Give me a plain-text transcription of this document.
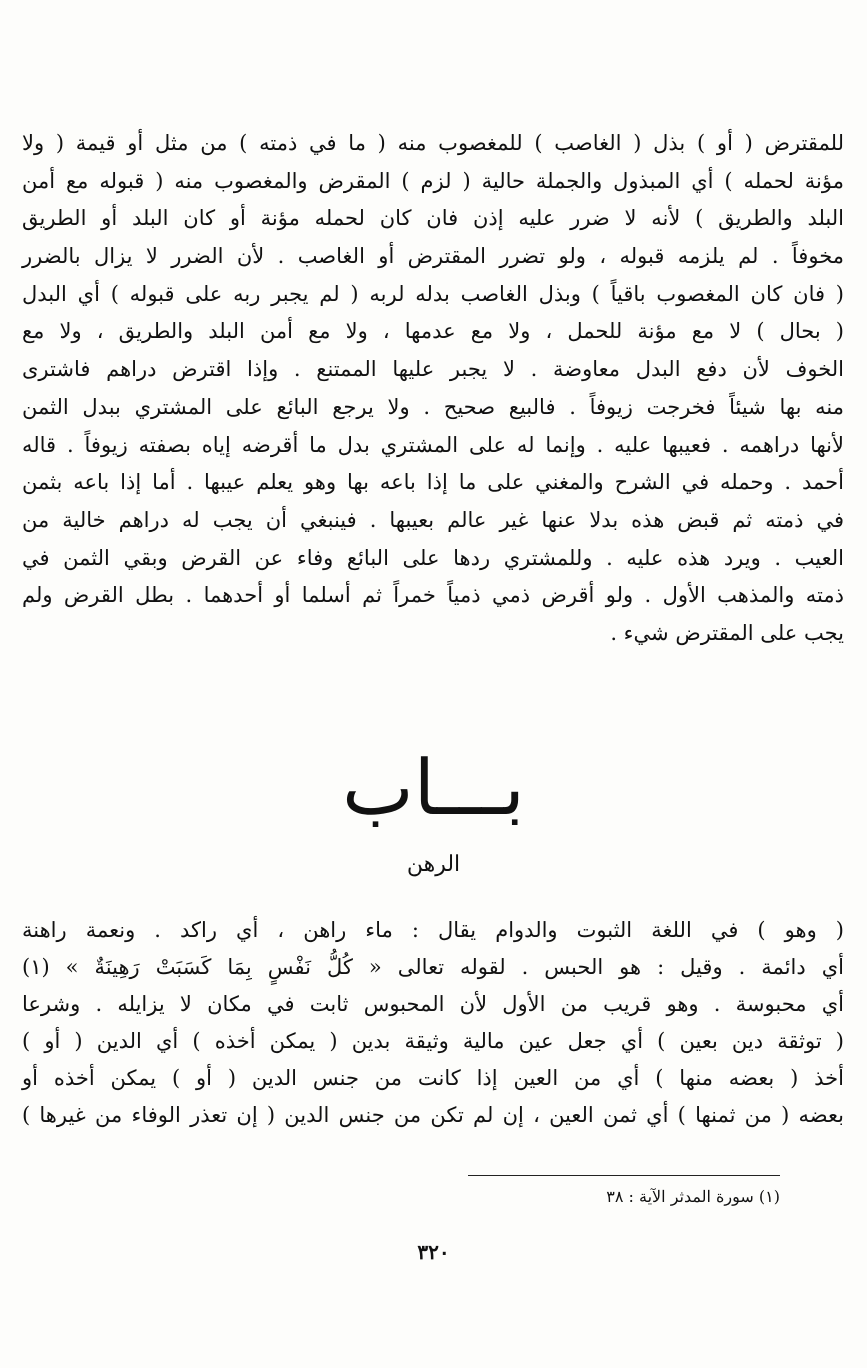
للمقترض ( أو ) بذل ( الغاصب ) للمغصوب منه ( ما في ذمته ) من مثل أو قيمة ( ولا
مؤنة لحمله ) أي المبذول والجملة حالية ( لزم ) المقرض والمغصوب منه ( قبوله مع أمن
البلد والطريق ) لأنه لا ضرر عليه إذن فان كان لحمله مؤنة أو كان البلد أو الطريق
مخوفاً . لم يلزمه قبوله ، ولو تضرر المقترض أو الغاصب . لأن الضرر لا يزال بالضرر
( فان كان المغصوب باقياً ) وبذل الغاصب بدله لربه ( لم يجبر ربه على قبوله ) أي البدل
( بحال ) لا مع مؤنة للحمل ، ولا مع عدمها ، ولا مع أمن البلد والطريق ، ولا مع
الخوف لأن دفع البدل معاوضة . لا يجبر عليها الممتنع . وإذا اقترض دراهم فاشترى
منه بها شيئاً فخرجت زيوفاً . فالبيع صحيح . ولا يرجع البائع على المشتري ببدل الثمن
لأنها دراهمه . فعيبها عليه . وإنما له على المشتري بدل ما أقرضه إياه بصفته زيوفاً . قاله
أحمد . وحمله في الشرح والمغني على ما إذا باعه بها وهو يعلم عيبها . أما إذا باعه بثمن
في ذمته ثم قبض هذه بدلا عنها غير عالم بعيبها . فينبغي أن يجب له دراهم خالية من
العيب . ويرد هذه عليه . وللمشتري ردها على البائع وفاء عن القرض وبقي الثمن في
ذمته والمذهب الأول . ولو أقرض ذمي ذمياً خمراً ثم أسلما أو أحدهما . بطل القرض ولم
يجب على المقترض شيء .
بـــاب
الرهن
( وهو ) في اللغة الثبوت والدوام يقال : ماء راهن ، أي راكد . ونعمة راهنة
أي دائمة . وقيل : هو الحبس . لقوله تعالى « كُلُّ نَفْسٍ بِمَا كَسَبَتْ رَهِينَةٌ » (١)
أي محبوسة . وهو قريب من الأول لأن المحبوس ثابت في مكان لا يزايله . وشرعا
( توثقة دين بعين ) أي جعل عين مالية وثيقة بدين ( يمكن أخذه ) أي الدين ( أو )
أخذ ( بعضه منها ) أي من العين إذا كانت من جنس الدين ( أو ) يمكن أخذه أو
بعضه ( من ثمنها ) أي ثمن العين ، إن لم تكن من جنس الدين ( إن تعذر الوفاء من غيرها )
(١) سورة المدثر الآية : ٣٨
٣٢٠
